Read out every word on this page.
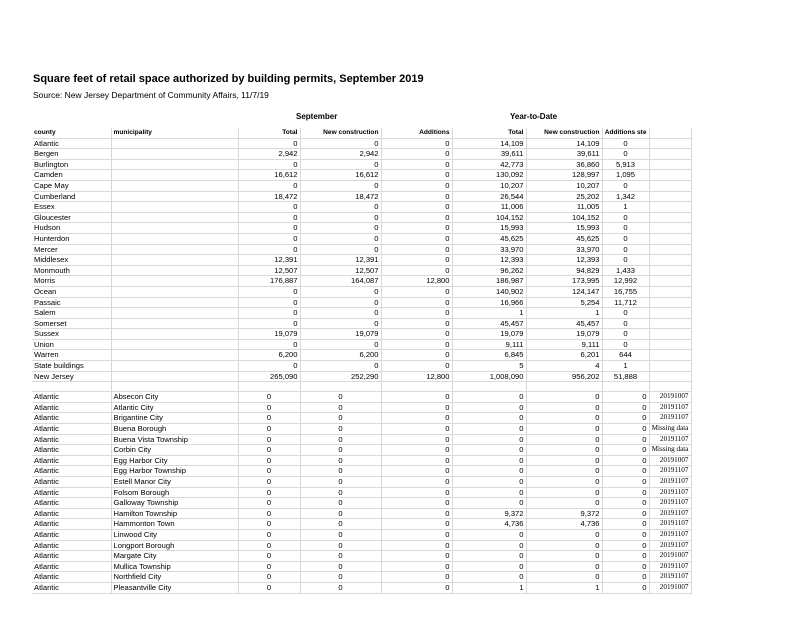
Square feet of retail space authorized by building permits, September 2019
Source: New Jersey Department of Community Affairs, 11/7/19
September	Year-to-Date
county	municipality	Total	New construction	Additions	Total	New construction	Additions ste	
Atlantic		0	0	0	14,109	14,109	0	
Bergen		2,942	2,942	0	39,611	39,611	0	
Burlington		0	0	0	42,773	36,860	5,913	
Camden		16,612	16,612	0	130,092	128,997	1,095	
Cape May		0	0	0	10,207	10,207	0	
Cumberland		18,472	18,472	0	26,544	25,202	1,342	
Essex		0	0	0	11,006	11,005	1	
Gloucester		0	0	0	104,152	104,152	0	
Hudson		0	0	0	15,993	15,993	0	
Hunterdon		0	0	0	45,625	45,625	0	
Mercer		0	0	0	33,970	33,970	0	
Middlesex		12,391	12,391	0	12,393	12,393	0	
Monmouth		12,507	12,507	0	96,262	94,829	1,433	
Morris		176,887	164,087	12,800	186,987	173,995	12,992	
Ocean		0	0	0	140,902	124,147	16,755	
Passaic		0	0	0	16,966	5,254	11,712	
Salem		0	0	0	1	1	0	
Somerset		0	0	0	45,457	45,457	0	
Sussex		19,079	19,079	0	19,079	19,079	0	
Union		0	0	0	9,111	9,111	0	
Warren		6,200	6,200	0	6,845	6,201	644	
State buildings		0	0	0	5	4	1	
New Jersey		265,090	252,290	12,800	1,008,090	956,202	51,888	

Atlantic	Absecon City	0	0	0	0	0	0	20191007
Atlantic	Atlantic City	0	0	0	0	0	0	20191107
Atlantic	Brigantine City	0	0	0	0	0	0	20191107
Atlantic	Buena Borough	0	0	0	0	0	0	Missing data
Atlantic	Buena Vista Township	0	0	0	0	0	0	20191107
Atlantic	Corbin City	0	0	0	0	0	0	Missing data
Atlantic	Egg Harbor City	0	0	0	0	0	0	20191007
Atlantic	Egg Harbor Township	0	0	0	0	0	0	20191107
Atlantic	Estell Manor City	0	0	0	0	0	0	20191107
Atlantic	Folsom Borough	0	0	0	0	0	0	20191107
Atlantic	Galloway Township	0	0	0	0	0	0	20191107
Atlantic	Hamilton Township	0	0	0	9,372	9,372	0	20191107
Atlantic	Hammonton Town	0	0	0	4,736	4,736	0	20191107
Atlantic	Linwood City	0	0	0	0	0	0	20191107
Atlantic	Longport Borough	0	0	0	0	0	0	20191107
Atlantic	Margate City	0	0	0	0	0	0	20191007
Atlantic	Mullica Township	0	0	0	0	0	0	20191107
Atlantic	Northfield City	0	0	0	0	0	0	20191107
Atlantic	Pleasantville City	0	0	0	1	1	0	20191007
